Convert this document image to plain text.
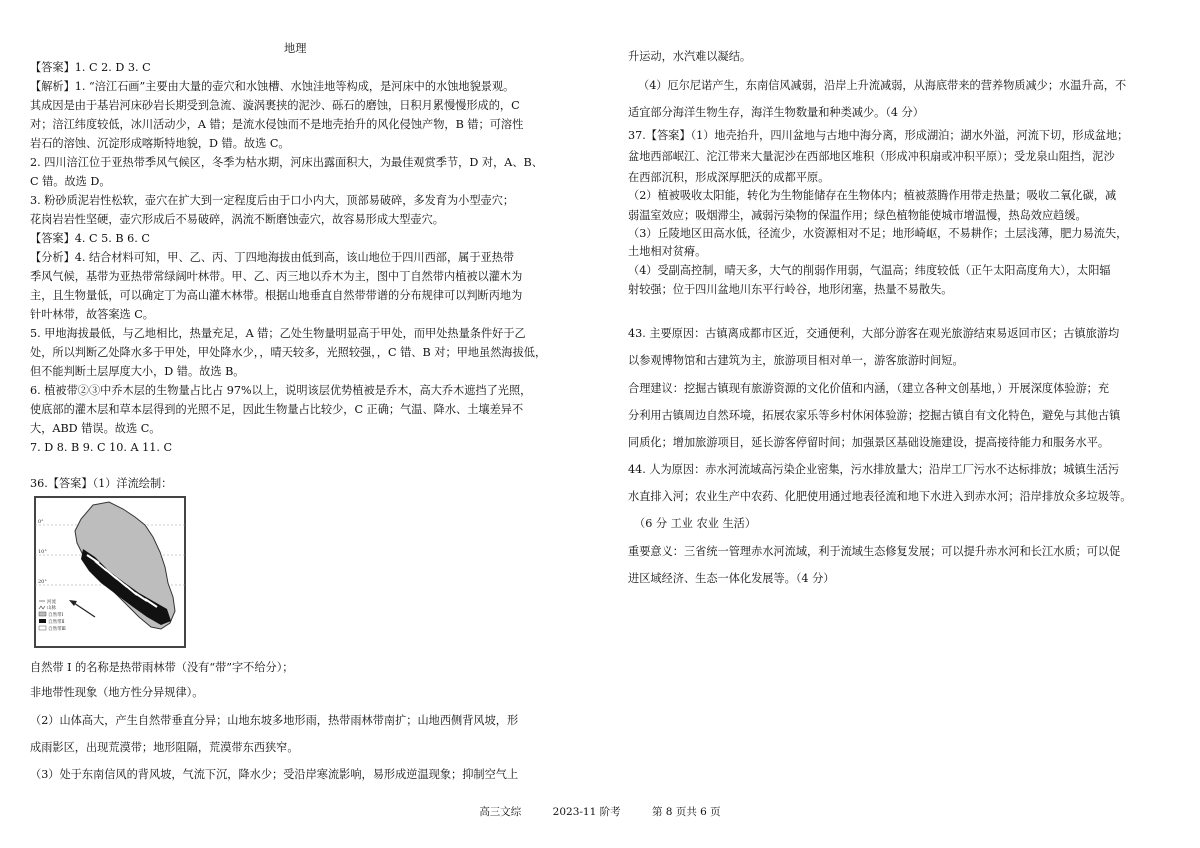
地理
【答案】1. C 2. D 3. C
【解析】1. “涪江石画”主要由大量的壶穴和水蚀槽、水蚀洼地等构成，是河床中的水蚀地貌景观。
其成因是由于基岩河床砂岩长期受到急流、漩涡裹挟的泥沙、砾石的磨蚀，日积月累慢慢形成的，C
对；涪江纬度较低，冰川活动少，A 错；是流水侵蚀而不是地壳抬升的风化侵蚀产物，B 错；可溶性
岩石的溶蚀、沉淀形成喀斯特地貌，D 错。故选 C。
2. 四川涪江位于亚热带季风气候区，冬季为枯水期，河床出露面积大，为最佳观赏季节，D 对，A、B、
C 错。故选 D。
3. 粉砂质泥岩性松软，壶穴在扩大到一定程度后由于口小内大，顶部易破碎，多发育为小型壶穴；
花岗岩岩性坚硬，壶穴形成后不易破碎，涡流不断磨蚀壶穴，故容易形成大型壶穴。
【答案】4. C 5. B 6. C
【分析】4. 结合材料可知，甲、乙、丙、丁四地海拔由低到高，该山地位于四川西部，属于亚热带
季风气候，基带为亚热带常绿阔叶林带。甲、乙、丙三地以乔木为主，图中丁自然带内植被以灌木为
主，且生物量低，可以确定丁为高山灌木林带。根据山地垂直自然带带谱的分布规律可以判断丙地为
针叶林带，故答案选 C。
5. 甲地海拔最低，与乙地相比，热量充足，A 错；乙处生物量明显高于甲处，而甲处热量条件好于乙
处，所以判断乙处降水多于甲处，甲处降水少，，晴天较多，光照较强，，C 错、B 对；甲地虽然海拔低，
但不能判断土层厚度大小，D 错。故选 B。
6. 植被带②③中乔木层的生物量占比占 97%以上，说明该层优势植被是乔木，高大乔木遮挡了光照，
使底部的灌木层和草本层得到的光照不足，因此生物量占比较少，C 正确；气温、降水、土壤差异不
大，ABD 错误。故选 C。
7. D 8. B 9. C 10. A 11. C
36.【答案】（1）洋流绘制：
自然带 I 的名称是热带雨林带（没有“带”字不给分）；
非地带性现象（地方性分异规律）。
（2）山体高大，产生自然带垂直分异；山地东坡多地形雨，热带雨林带南扩；山地西侧背风坡，形
成雨影区，出现荒漠带；地形阻隔，荒漠带东西狭窄。
（3）处于东南信风的背风坡，气流下沉，降水少；受沿岸寒流影响，易形成逆温现象；抑制空气上
升运动，水汽难以凝结。
（4）厄尔尼诺产生，东南信风减弱，沿岸上升流减弱，从海底带来的营养物质减少；水温升高，不
适宜部分海洋生物生存，海洋生物数量和种类减少。（4 分）
37.【答案】（1）地壳抬升，四川盆地与古地中海分离，形成湖泊；湖水外溢，河流下切，形成盆地；
盆地西部岷江、沱江带来大量泥沙在西部地区堆积（形成冲积扇或冲积平原）；受龙泉山阻挡，泥沙
在西部沉积，形成深厚肥沃的成都平原。
（2）植被吸收太阳能，转化为生物能储存在生物体内；植被蒸腾作用带走热量；吸收二氧化碳，减
弱温室效应；吸烟滞尘，减弱污染物的保温作用；绿色植物能使城市增温慢，热岛效应趋缓。
（3）丘陵地区田高水低，径流少，水资源相对不足；地形崎岖，不易耕作；土层浅薄，肥力易流失，
土地相对贫瘠。
（4）受副高控制，晴天多，大气的削弱作用弱，气温高；纬度较低（正午太阳高度角大），太阳辐
射较强；位于四川盆地川东平行岭谷，地形闭塞，热量不易散失。
43. 主要原因：古镇离成都市区近，交通便利，大部分游客在观光旅游结束易返回市区；古镇旅游均
以参观博物馆和古建筑为主，旅游项目相对单一，游客旅游时间短。
合理建议：挖掘古镇现有旅游资源的文化价值和内涵，（建立各种文创基地，）开展深度体验游；充
分利用古镇周边自然环境，拓展农家乐等乡村休闲体验游；挖掘古镇自有文化特色，避免与其他古镇
同质化；增加旅游项目，延长游客停留时间；加强景区基础设施建设，提高接待能力和服务水平。
44. 人为原因：赤水河流域高污染企业密集，污水排放量大；沿岸工厂污水不达标排放；城镇生活污
水直排入河；农业生产中农药、化肥使用通过地表径流和地下水进入到赤水河；沿岸排放众多垃圾等。
（6 分 工业 农业 生活）
重要意义：三省统一管理赤水河流域，利于流域生态修复发展；可以提升赤水河和长江水质；可以促
进区域经济、生态一体化发展等。（4 分）
0°
10°
20°
河流
山脉
自然带Ⅰ
自然带Ⅱ
自然带Ⅲ
高三文综	2023-11 阶考	第 8 页共 6 页
